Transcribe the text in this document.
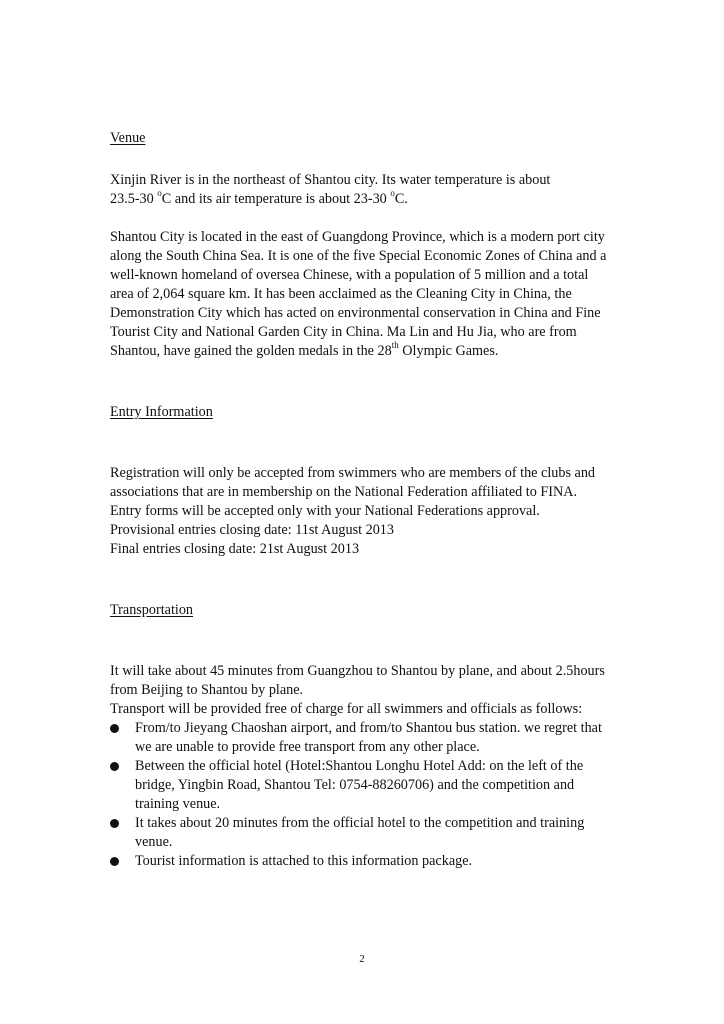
Venue

Xinjin River is in the northeast of Shantou city. Its water temperature is about
23.5-30 $^o$C and its air temperature is about 23-30 $^o$C.

Shantou City is located in the east of Guangdong Province, which is a modern port city along the South China Sea. It is one of the five Special Economic Zones of China and a well-known homeland of oversea Chinese, with a population of 5 million and a total area of 2,064 square km. It has been acclaimed as the Cleaning City in China, the Demonstration City which has acted on environmental conservation in China and Fine Tourist City and National Garden City in China. Ma Lin and Hu Jia, who are from Shantou, have gained the golden medals in the 28th Olympic Games.

Entry Information

Registration will only be accepted from swimmers who are members of the clubs and associations that are in membership on the National Federation affiliated to FINA.

Entry forms will be accepted only with your National Federations approval.

Provisional entries closing date: 11st August 2013

Final entries closing date: 21st August 2013

Transportation

It will take about 45 minutes from Guangzhou to Shantou by plane, and about 2.5hours from Beijing to Shantou by plane.

Transport will be provided free of charge for all swimmers and officials as follows:

From/to Jieyang Chaoshan airport, and from/to Shantou bus station. we regret that we are unable to provide free transport from any other place.
Between the official hotel (Hotel:Shantou Longhu Hotel Add: on the left of the bridge, Yingbin Road, Shantou Tel: 0754-88260706) and the competition and training venue.
It takes about 20 minutes from the official hotel to the competition and training venue.
Tourist information is attached to this information package.
2
